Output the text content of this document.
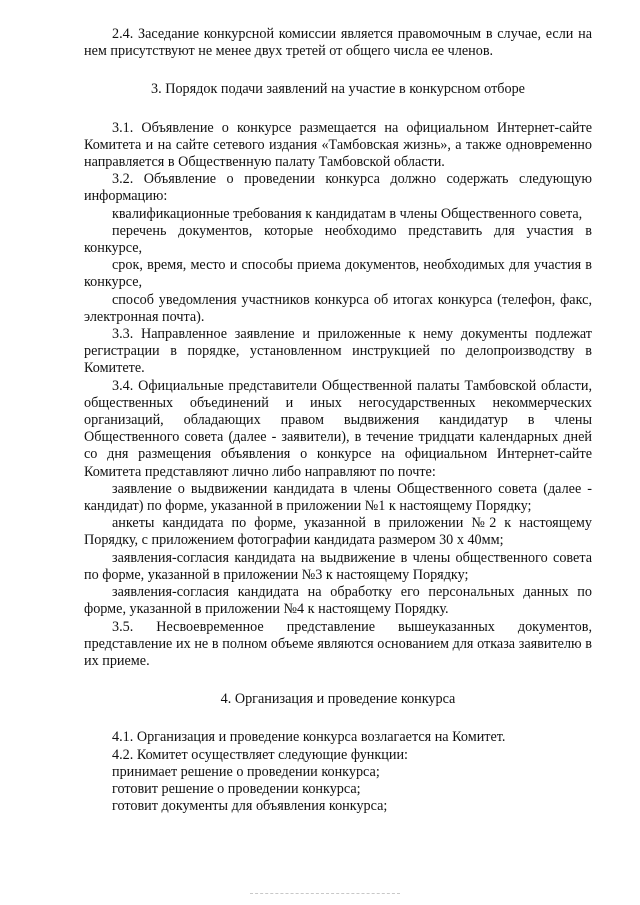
2.4. Заседание конкурсной комиссии является правомочным в случае, если на нем присутствуют не менее двух третей от общего числа ее членов.

3. Порядок подачи заявлений на участие в конкурсном отборе

3.1. Объявление о конкурсе размещается на официальном Интернет-сайте Комитета и на сайте сетевого издания «Тамбовская жизнь», а также одновременно направляется в Общественную палату Тамбовской области.

3.2. Объявление о проведении конкурса должно содержать следующую информацию:

квалификационные требования к кандидатам в члены Общественного совета,

перечень документов, которые необходимо представить для участия в конкурсе,

срок, время, место и способы приема документов, необходимых для участия в конкурсе,

способ уведомления участников конкурса об итогах конкурса (телефон, факс, электронная почта).

3.3. Направленное заявление и приложенные к нему документы подлежат регистрации в порядке, установленном инструкцией по делопроизводству в Комитете.

3.4. Официальные представители Общественной палаты Тамбовской области, общественных объединений и иных негосударственных некоммерческих организаций, обладающих правом выдвижения кандидатур в члены Общественного совета (далее - заявители), в течение тридцати календарных дней со дня размещения объявления о конкурсе на официальном Интернет-сайте Комитета представляют лично либо направляют по почте:

заявление о выдвижении кандидата в члены Общественного совета (далее - кандидат) по форме, указанной в приложении №1 к настоящему Порядку;

анкеты кандидата по форме, указанной в приложении №2 к настоящему Порядку, с приложением фотографии кандидата размером 30 х 40мм;

заявления-согласия кандидата на выдвижение в члены общественного совета по форме, указанной в приложении №3 к настоящему Порядку;

заявления-согласия кандидата на обработку его персональных данных по форме, указанной в приложении №4 к настоящему Порядку.

3.5. Несвоевременное представление вышеуказанных документов, представление их не в полном объеме являются основанием для отказа заявителю в их приеме.

4. Организация и проведение конкурса

4.1. Организация и проведение конкурса возлагается на Комитет.

4.2. Комитет осуществляет следующие функции:

принимает решение о проведении конкурса;

готовит решение о проведении конкурса;

готовит документы для объявления конкурса;
